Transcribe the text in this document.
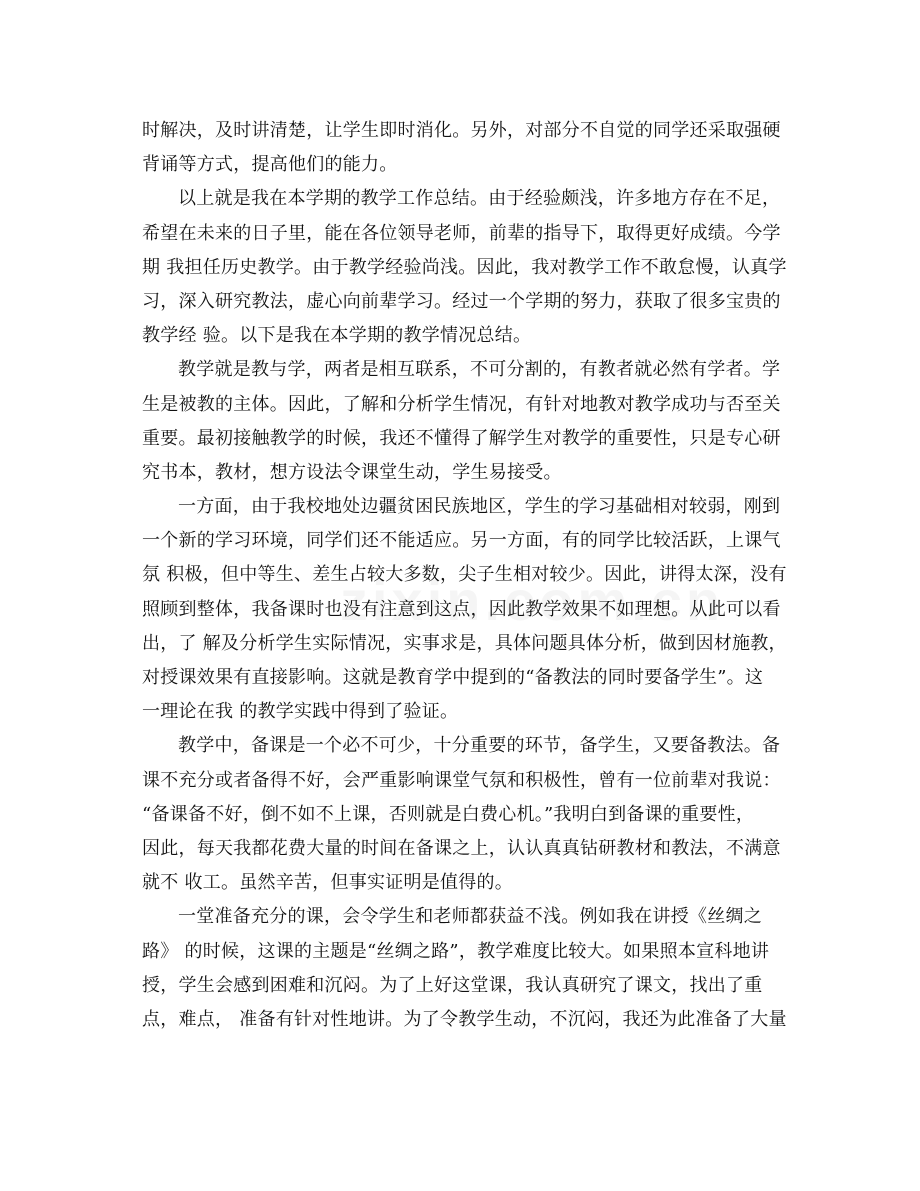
时解决，及时讲清楚，让学生即时消化。另外，对部分不自觉的同学还采取强硬
背诵等方式，提高他们的能力。
以上就是我在本学期的教学工作总结。由于经验颇浅，许多地方存在不足，
希望在未来的日子里，能在各位领导老师，前辈的指导下，取得更好成绩。今学
期 我担任历史教学。由于教学经验尚浅。因此，我对教学工作不敢怠慢，认真学
习，深入研究教法，虚心向前辈学习。经过一个学期的努力，获取了很多宝贵的
教学经 验。以下是我在本学期的教学情况总结。
教学就是教与学，两者是相互联系，不可分割的，有教者就必然有学者。学
生是被教的主体。因此，了解和分析学生情况，有针对地教对教学成功与否至关
重要。最初接触教学的时候，我还不懂得了解学生对教学的重要性，只是专心研
究书本，教材，想方设法令课堂生动，学生易接受。
一方面，由于我校地处边疆贫困民族地区，学生的学习基础相对较弱，刚到
一个新的学习环境，同学们还不能适应。另一方面，有的同学比较活跃，上课气
氛 积极，但中等生、差生占较大多数，尖子生相对较少。因此，讲得太深，没有
照顾到整体，我备课时也没有注意到这点，因此教学效果不如理想。从此可以看
出，了 解及分析学生实际情况，实事求是，具体问题具体分析，做到因材施教，
对授课效果有直接影响。这就是教育学中提到的“备教法的同时要备学生”。这
一理论在我 的教学实践中得到了验证。
教学中，备课是一个必不可少，十分重要的环节，备学生，又要备教法。备
课不充分或者备得不好，会严重影响课堂气氛和积极性，曾有一位前辈对我说：
“备课备不好，倒不如不上课，否则就是白费心机。”我明白到备课的重要性，
因此，每天我都花费大量的时间在备课之上，认认真真钻研教材和教法，不满意
就不 收工。虽然辛苦，但事实证明是值得的。
一堂准备充分的课，会令学生和老师都获益不浅。例如我在讲授《丝绸之
路》 的时候，这课的主题是“丝绸之路”，教学难度比较大。如果照本宣科地讲
授，学生会感到困难和沉闷。为了上好这堂课，我认真研究了课文，找出了重
点，难点， 准备有针对性地讲。为了令教学生动，不沉闷，我还为此准备了大量
